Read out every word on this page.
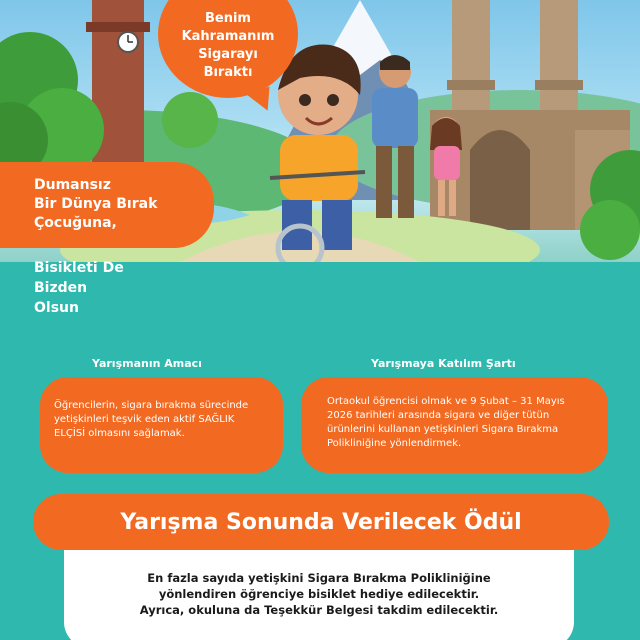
Benim
Kahramanım
Sigarayı
Bıraktı
Dumansız
Bir Dünya Bırak
Çocuğuna,
Bisikleti De
Bizden
Olsun
Yarışmanın Amacı
Öğrencilerin, sigara bırakma sürecinde
yetişkinleri teşvik eden aktif SAĞLIK
ELÇİSİ olmasını sağlamak.
Yarışmaya Katılım Şartı
Ortaokul öğrencisi olmak ve 9 Şubat – 31 Mayıs
2026 tarihleri arasında sigara ve diğer tütün
ürünlerini kullanan yetişkinleri Sigara Bırakma
Polikliniğine yönlendirmek.
En fazla sayıda yetişkini Sigara Bırakma Polikliniğine
yönlendiren öğrenciye bisiklet hediye edilecektir.
Ayrıca, okuluna da Teşekkür Belgesi takdim edilecektir.
Yarışma Sonunda Verilecek Ödül
